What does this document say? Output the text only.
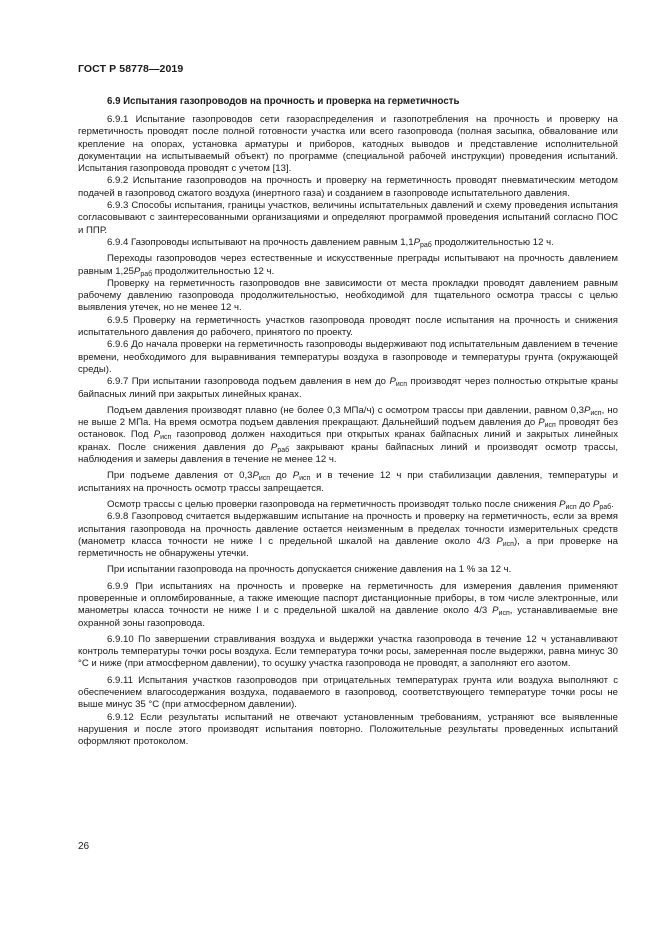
ГОСТ Р 58778—2019
6.9 Испытания газопроводов на прочность и проверка на герметичность

6.9.1 Испытание газопроводов сети газораспределения и газопотребления на прочность и проверку на герметичность проводят после полной готовности участка или всего газопровода (полная засыпка, обвалование или крепление на опорах, установка арматуры и приборов, катодных выводов и представление исполнительной документации на испытываемый объект) по программе (специальной рабочей инструкции) проведения испытаний. Испытания газопровода проводят с учетом [13].

6.9.2 Испытание газопроводов на прочность и проверку на герметичность проводят пневматическим методом подачей в газопровод сжатого воздуха (инертного газа) и созданием в газопроводе испытательного давления.

6.9.3 Способы испытания, границы участков, величины испытательных давлений и схему проведения испытания согласовывают с заинтересованными организациями и определяют программой проведения испытаний согласно ПОС и ППР.

6.9.4 Газопроводы испытывают на прочность давлением равным $1,1P_{раб}$ продолжительностью 12 ч.

Переходы газопроводов через естественные и искусственные преграды испытывают на прочность давлением равным $1,25P_{раб}$ продолжительностью 12 ч.

Проверку на герметичность газопроводов вне зависимости от места прокладки проводят давлением равным рабочему давлению газопровода продолжительностью, необходимой для тщательного осмотра трассы с целью выявления утечек, но не менее 12 ч.

6.9.5 Проверку на герметичность участков газопровода проводят после испытания на прочность и снижения испытательного давления до рабочего, принятого по проекту.

6.9.6 До начала проверки на герметичность газопроводы выдерживают под испытательным давлением в течение времени, необходимого для выравнивания температуры воздуха в газопроводе и температуры грунта (окружающей среды).

6.9.7 При испытании газопровода подъем давления в нем до $P_{исп}$ производят через полностью открытые краны байпасных линий при закрытых линейных кранах.

Подъем давления производят плавно (не более 0,3 МПа/ч) с осмотром трассы при давлении, равном $0,3P_{исп}$, но не выше 2 МПа. На время осмотра подъем давления прекращают. Дальнейший подъем давления до $P_{исп}$ проводят без остановок. Под $P_{исп}$ газопровод должен находиться при открытых кранах байпасных линий и закрытых линейных кранах. После снижения давления до $P_{раб}$ закрывают краны байпасных линий и производят осмотр трассы, наблюдения и замеры давления в течение не менее 12 ч.

При подъеме давления от $0,3P_{исп}$ до $P_{исп}$ и в течение 12 ч при стабилизации давления, температуры и испытаниях на прочность осмотр трассы запрещается.

Осмотр трассы с целью проверки газопровода на герметичность производят только после снижения $P_{исп}$ до $P_{раб}$.

6.9.8 Газопровод считается выдержавшим испытание на прочность и проверку на герметичность, если за время испытания газопровода на прочность давление остается неизменным в пределах точности измерительных средств (манометр класса точности не ниже I с предельной шкалой на давление около 4/3 $P_{исп}$), а при проверке на герметичность не обнаружены утечки.

При испытании газопровода на прочность допускается снижение давления на 1 % за 12 ч.

6.9.9 При испытаниях на прочность и проверке на герметичность для измерения давления применяют проверенные и опломбированные, а также имеющие паспорт дистанционные приборы, в том числе электронные, или манометры класса точности не ниже I и с предельной шкалой на давление около 4/3 $P_{исп}$, устанавливаемые вне охранной зоны газопровода.

6.9.10 По завершении стравливания воздуха и выдержки участка газопровода в течение 12 ч устанавливают контроль температуры точки росы воздуха. Если температура точки росы, замеренная после выдержки, равна минус 30 °С и ниже (при атмосферном давлении), то осушку участка газопровода не проводят, а заполняют его азотом.

6.9.11 Испытания участков газопроводов при отрицательных температурах грунта или воздуха выполняют с обеспечением влагосодержания воздуха, подаваемого в газопровод, соответствующего температуре точки росы не выше минус 35 °С (при атмосферном давлении).

6.9.12 Если результаты испытаний не отвечают установленным требованиям, устраняют все выявленные нарушения и после этого производят испытания повторно. Положительные результаты проведенных испытаний оформляют протоколом.

26
